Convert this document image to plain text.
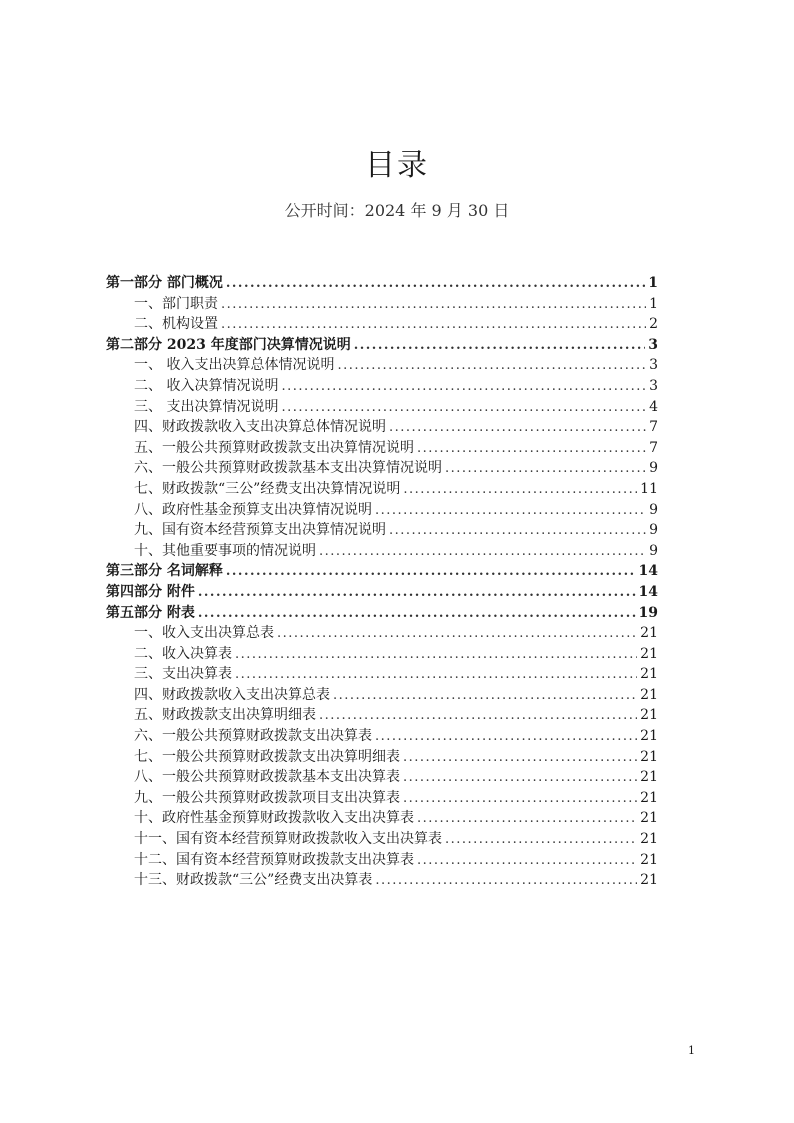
目录
公开时间：2024 年 9 月 30 日
第一部分 部门概况 .....	1
一、部门职责 .....	1
二、机构设置 .....	2
第二部分 2023 年度部门决算情况说明 .....	3
一、 收入支出决算总体情况说明 .....	3
二、 收入决算情况说明 .....	3
三、 支出决算情况说明 .....	4
四、财政拨款收入支出决算总体情况说明 .....	7
五、一般公共预算财政拨款支出决算情况说明 .....	7
六、一般公共预算财政拨款基本支出决算情况说明 .....	9
七、财政拨款“三公”经费支出决算情况说明 .....	11
八、政府性基金预算支出决算情况说明 .....	9
九、国有资本经营预算支出决算情况说明 .....	9
十、其他重要事项的情况说明 .....	9
第三部分 名词解释 .....	14
第四部分 附件 .....	14
第五部分 附表 .....	19
一、收入支出决算总表 .....	21
二、收入决算表 .....	21
三、支出决算表 .....	21
四、财政拨款收入支出决算总表 .....	21
五、财政拨款支出决算明细表 .....	21
六、一般公共预算财政拨款支出决算表 .....	21
七、一般公共预算财政拨款支出决算明细表 .....	21
八、一般公共预算财政拨款基本支出决算表 .....	21
九、一般公共预算财政拨款项目支出决算表 .....	21
十、政府性基金预算财政拨款收入支出决算表 .....	21
十一、国有资本经营预算财政拨款收入支出决算表 .....	21
十二、国有资本经营预算财政拨款支出决算表 .....	21
十三、财政拨款“三公”经费支出决算表 .....	21
1
